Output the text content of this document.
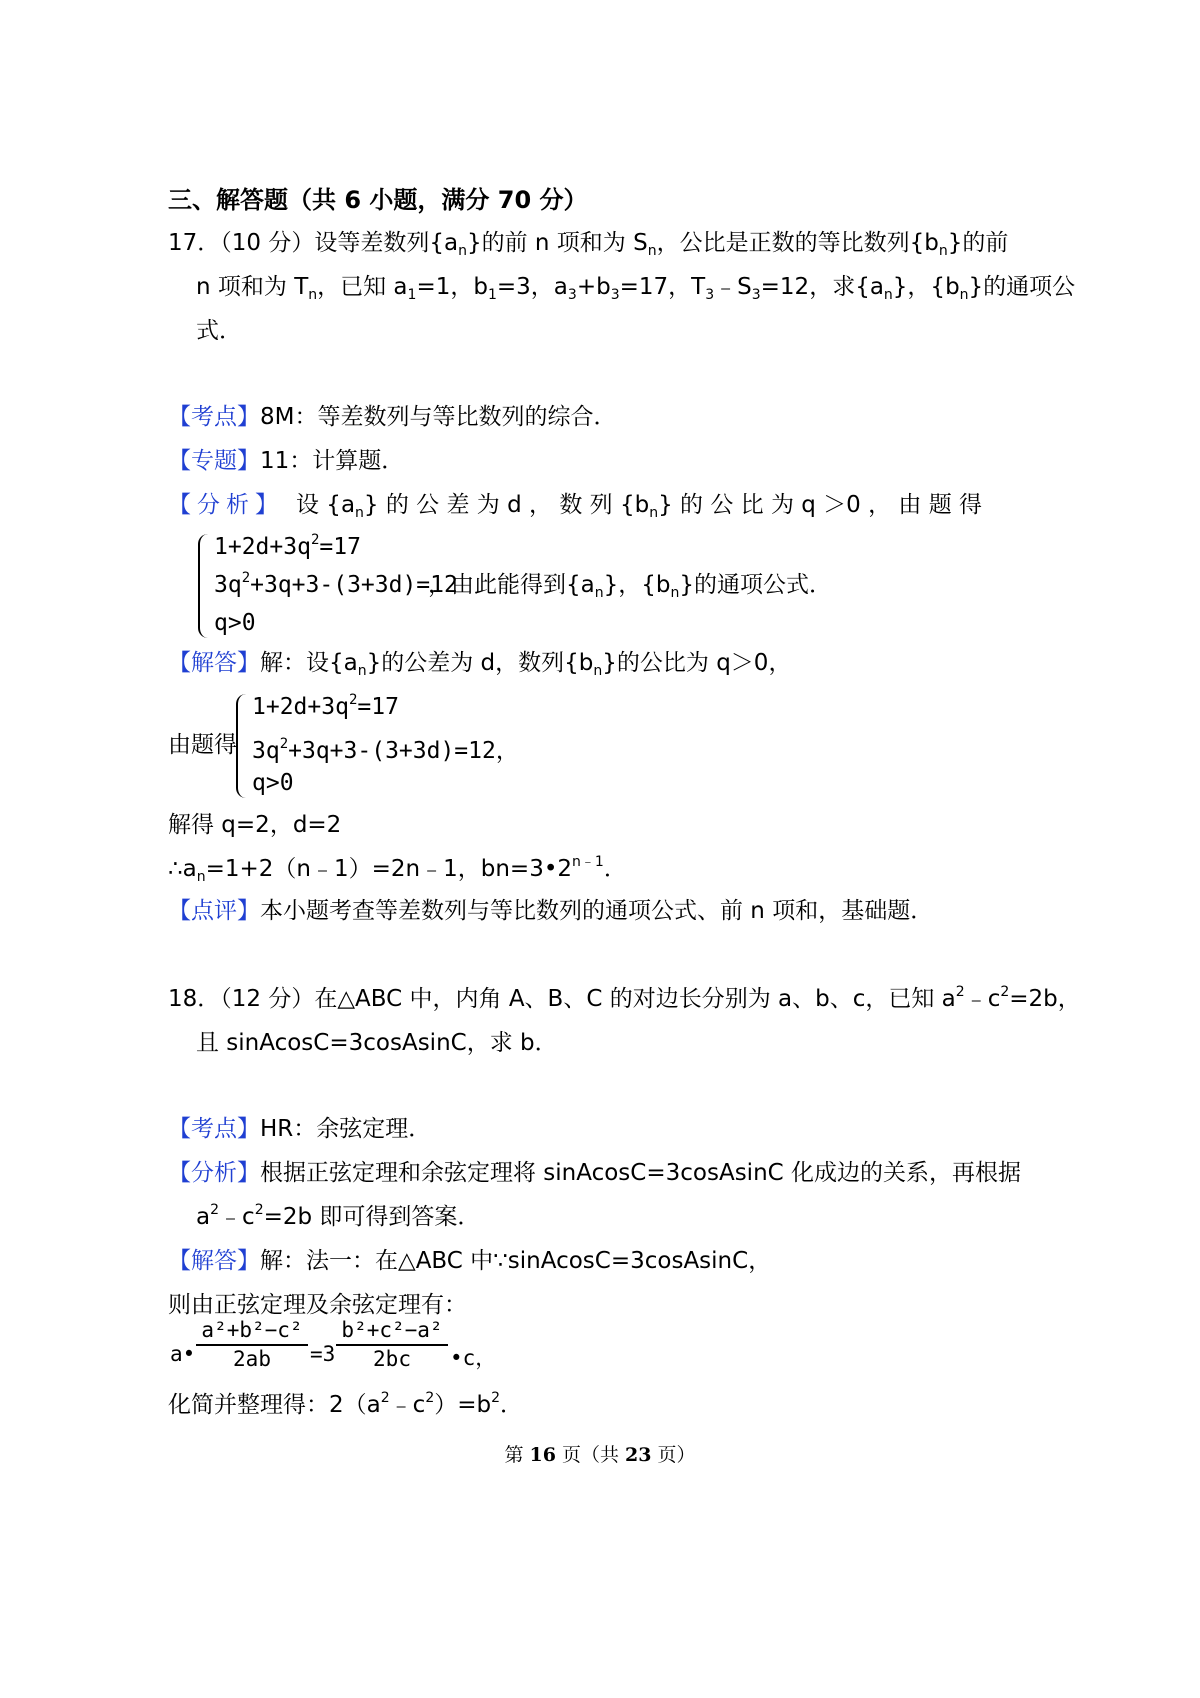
三、解答题（共 6 小题，满分 70 分）
17．（10 分）设等差数列$\{a_n\}$的前 n 项和为 $S_n$，公比是正数的等比数列$\{b_n\}$的前
n 项和为 $T_n$，已知 $a_1=1$，$b_1=3$，$a_3+b_3=17$，$T_3﹣S_3=12$，求$\{a_n\}$，$\{b_n\}$的通项公
式．
【考点】8M：等差数列与等比数列的综合．
【专题】11：计算题．
【分析】 设 $\{a_n\}$ 的 公 差 为 d ， 数 列 $\{b_n\}$ 的 公 比 为 q ＞0 ， 由 题 得
$1+2d+3q^2=17$
$3q^2+3q+3-(3+3d)=12$
q>0
，由此能得到$\{a_n\}$，$\{b_n\}$的通项公式．
【解答】解：设$\{a_n\}$的公差为 d，数列$\{b_n\}$的公比为 q＞0，
由题得
$1+2d+3q^2=17$
$3q^2+3q+3-(3+3d)=12$，
q>0
解得 q=2，d=2
$\therefore a_n=1+2(n﹣1)=2n﹣1$，$bn=3•2^{n﹣1}$．
【点评】本小题考查等差数列与等比数列的通项公式、前 n 项和，基础题．
18．（12 分）在△ABC 中，内角 A、B、C 的对边长分别为 a、b、c，已知 $a^2﹣c^2=2b$，
且 sinAcosC=3cosAsinC，求 b．
【考点】HR：余弦定理．
【分析】根据正弦定理和余弦定理将 sinAcosC=3cosAsinC 化成边的关系，再根据
$a^2﹣c^2=2b$ 即可得到答案．
【解答】解：法一：在△ABC 中∵sinAcosC=3cosAsinC，
则由正弦定理及余弦定理有：
a•
a²+b²−c²
2ab	=3
b²+c²−a²
2bc	•c，
化简并整理得：$2(a^2﹣c^2)=b^2$．
第 16 页（共 23 页）
